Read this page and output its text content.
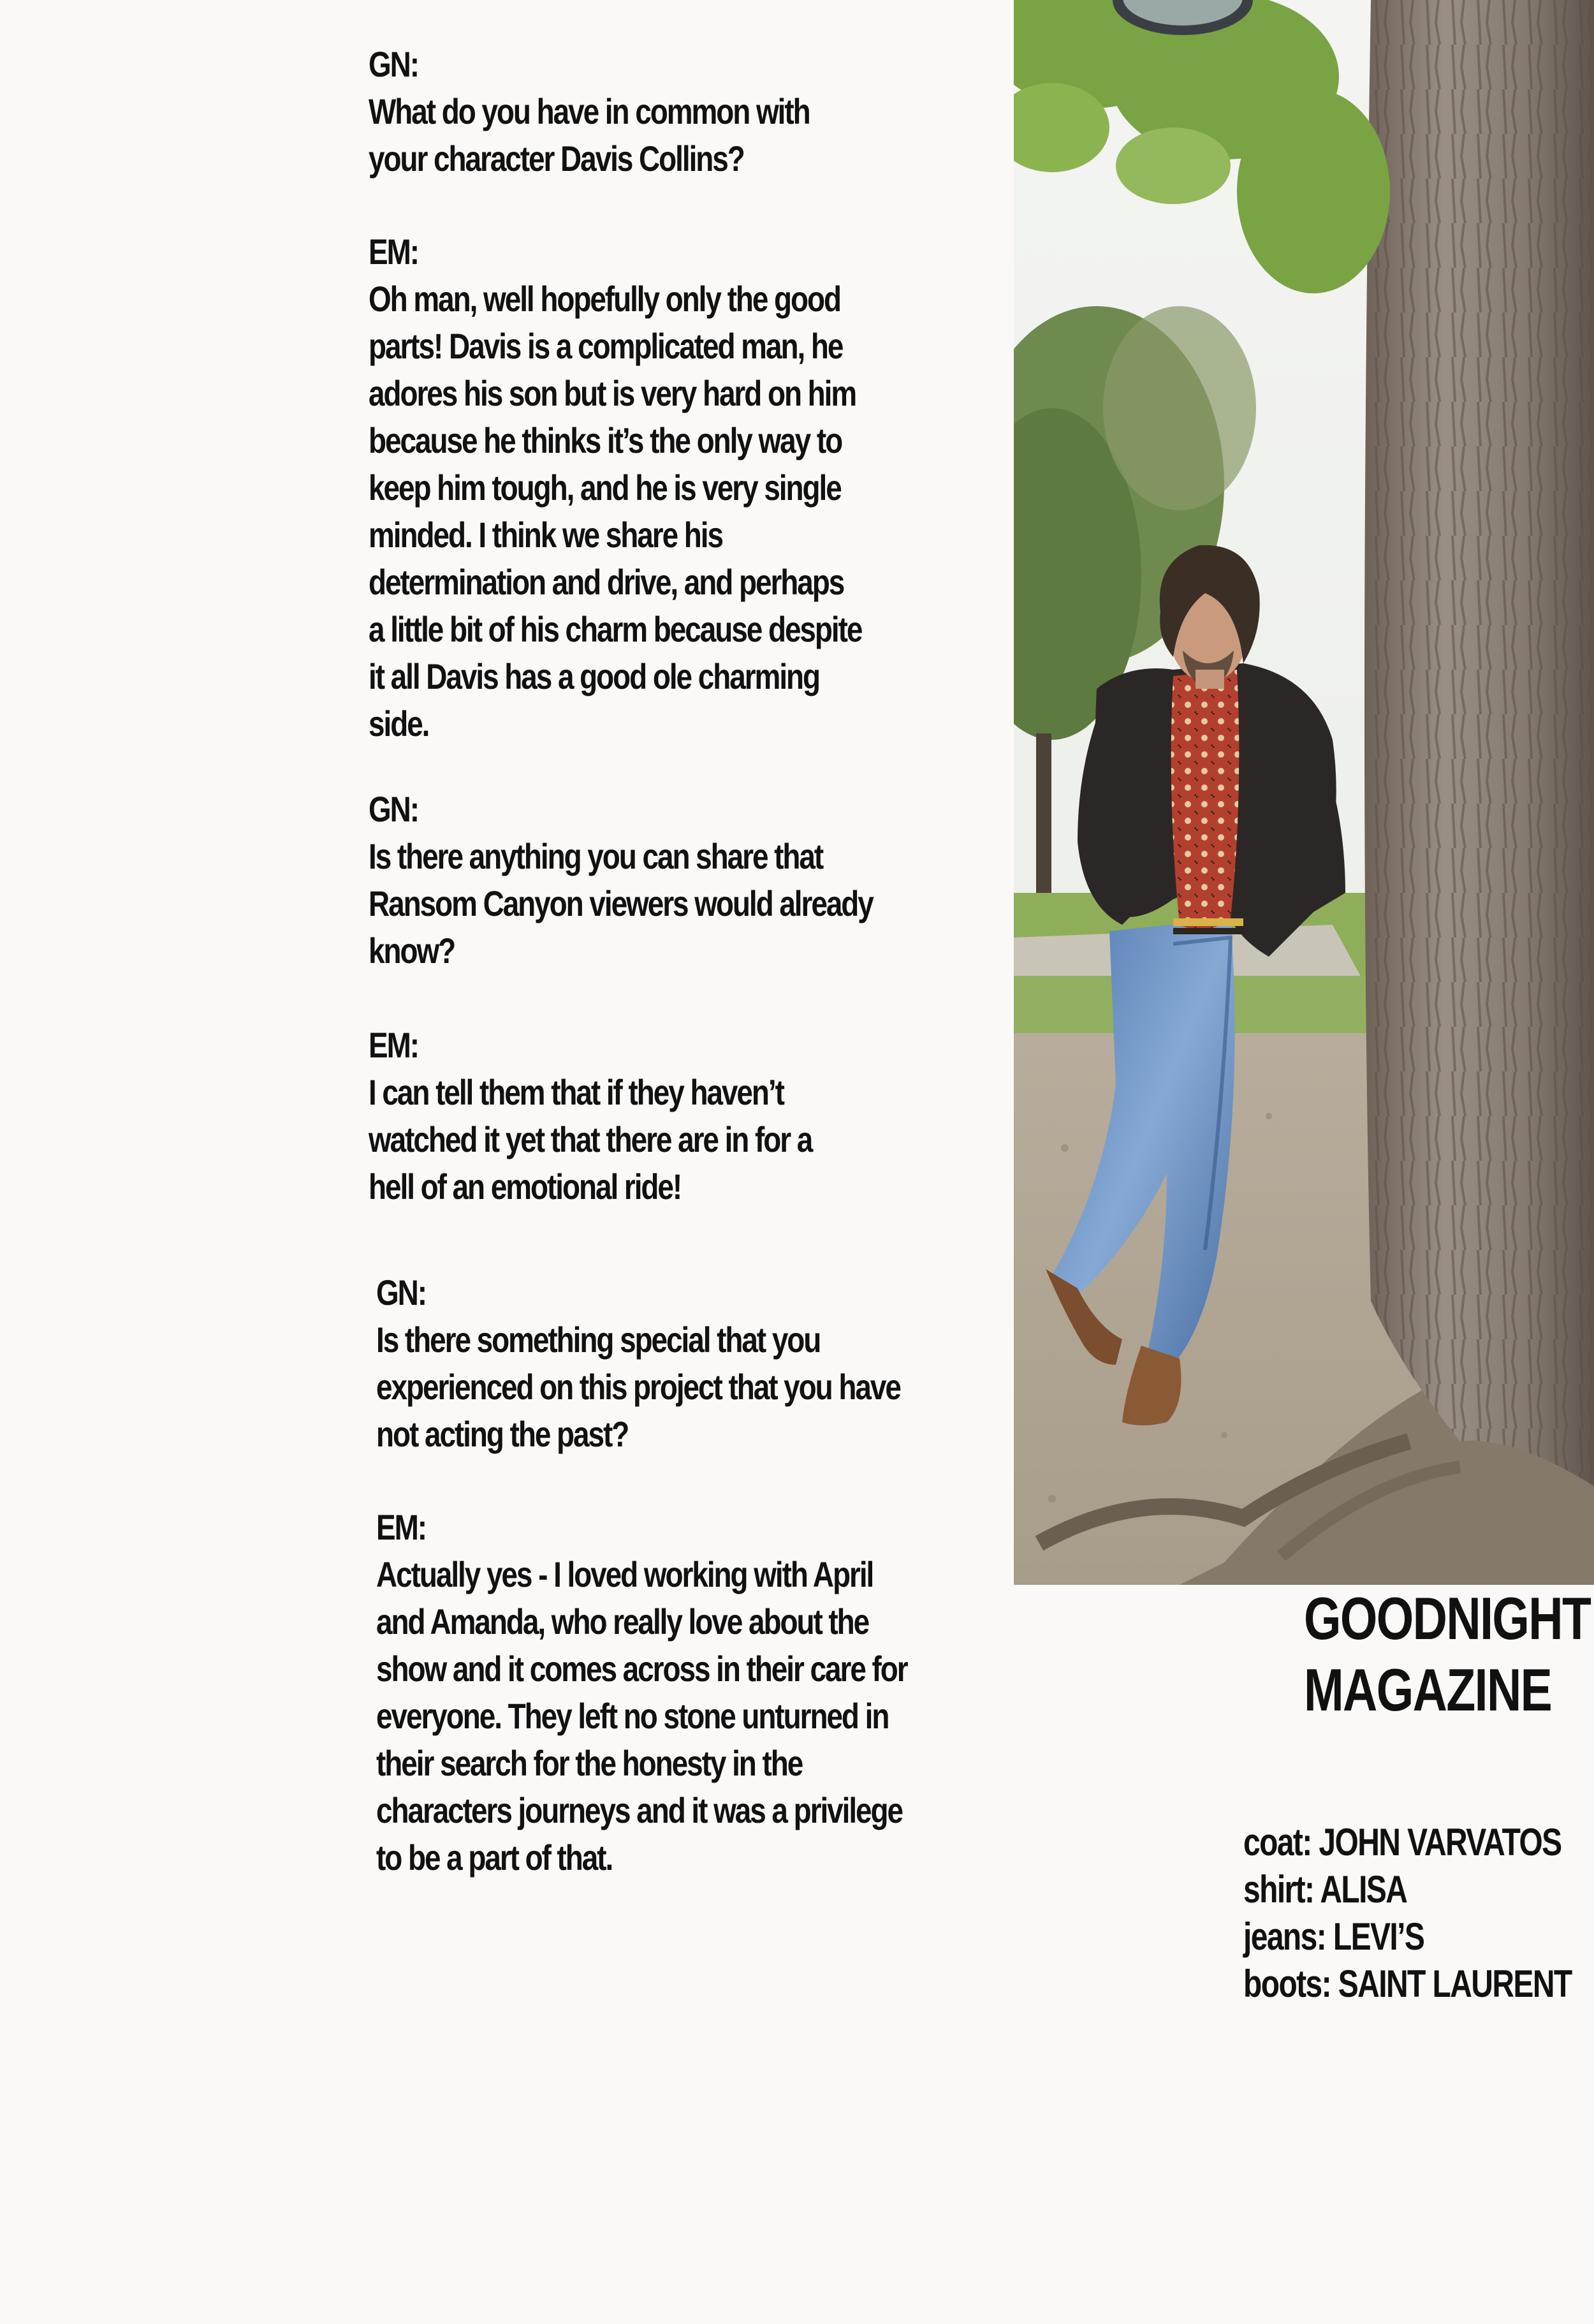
GN:
What do you have in common with
your character Davis Collins?
EM:
Oh man, well hopefully only the good
parts! Davis is a complicated man, he
adores his son but is very hard on him
because he thinks it’s the only way to
keep him tough, and he is very single
minded. I think we share his
determination and drive, and perhaps
a little bit of his charm because despite
it all Davis has a good ole charming
side.
GN:
Is there anything you can share that
Ransom Canyon viewers would already
know?
EM:
I can tell them that if they haven’t
watched it yet that there are in for a
hell of an emotional ride!
GN:
Is there something special that you
experienced on this project that you have
not acting the past?
EM:
Actually yes - I loved working with April
and Amanda, who really love about the
show and it comes across in their care for
everyone. They left no stone unturned in
their search for the honesty in the
characters journeys and it was a privilege
to be a part of that.
GOODNIGHT
MAGAZINE
coat: JOHN VARVATOS
shirt: ALISA
jeans: LEVI’S
boots: SAINT LAURENT
